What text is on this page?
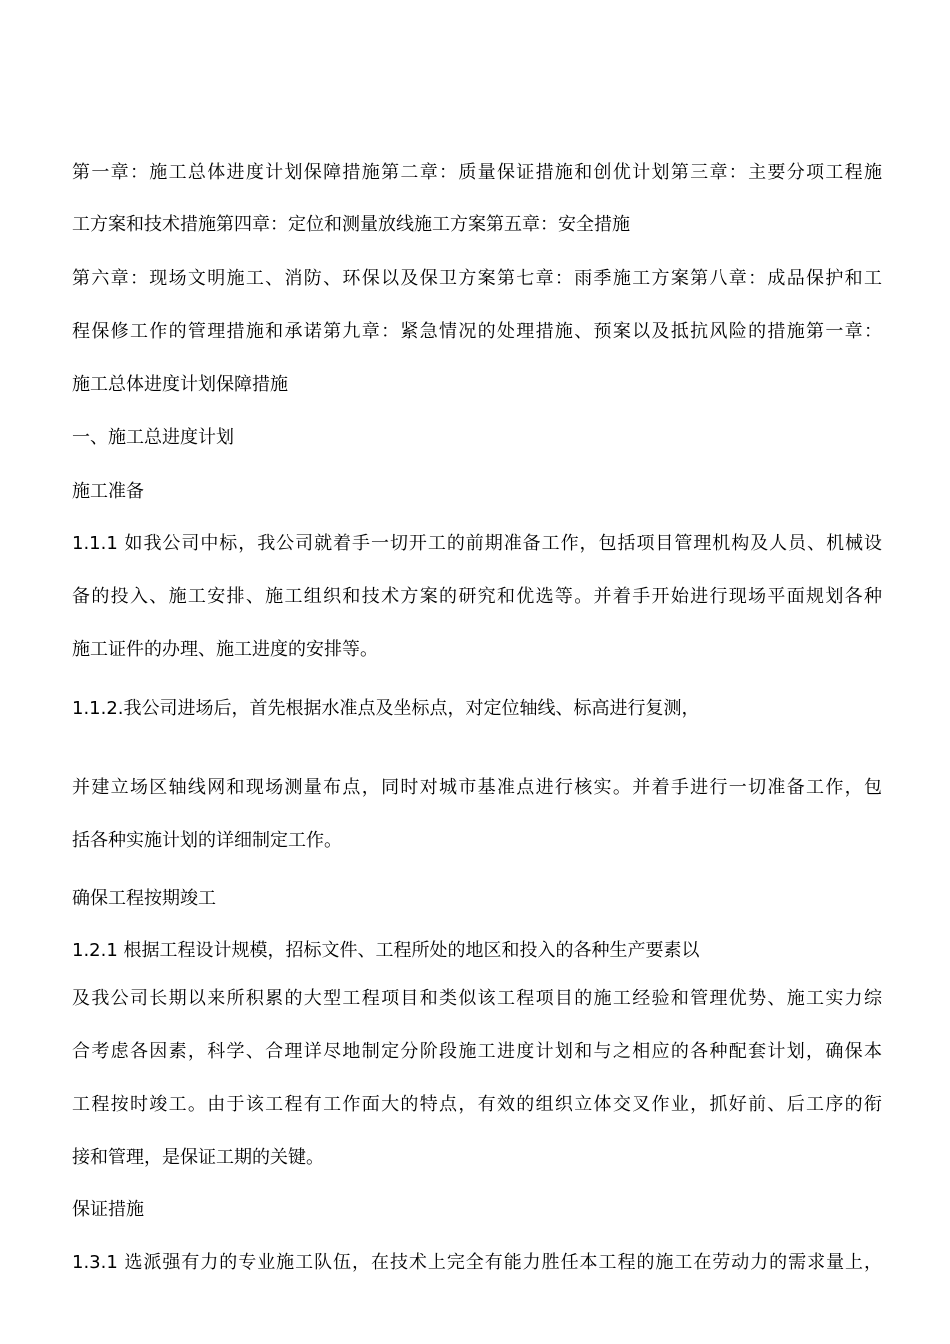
第一章：施工总体进度计划保障措施第二章：质量保证措施和创优计划第三章：主要分项工程施
工方案和技术措施第四章：定位和测量放线施工方案第五章：安全措施
第六章：现场文明施工、消防、环保以及保卫方案第七章：雨季施工方案第八章：成品保护和工
程保修工作的管理措施和承诺第九章：紧急情况的处理措施、预案以及抵抗风险的措施第一章：
施工总体进度计划保障措施
一、施工总进度计划
施工准备
1.1.1 如我公司中标，我公司就着手一切开工的前期准备工作，包括项目管理机构及人员、机械设
备的投入、施工安排、施工组织和技术方案的研究和优选等。并着手开始进行现场平面规划各种
施工证件的办理、施工进度的安排等。
1.1.2.我公司进场后，首先根据水准点及坐标点，对定位轴线、标高进行复测，
并建立场区轴线网和现场测量布点，同时对城市基准点进行核实。并着手进行一切准备工作，包
括各种实施计划的详细制定工作。
确保工程按期竣工
1.2.1 根据工程设计规模，招标文件、工程所处的地区和投入的各种生产要素以
及我公司长期以来所积累的大型工程项目和类似该工程项目的施工经验和管理优势、施工实力综
合考虑各因素，科学、合理详尽地制定分阶段施工进度计划和与之相应的各种配套计划，确保本
工程按时竣工。由于该工程有工作面大的特点，有效的组织立体交叉作业，抓好前、后工序的衔
接和管理，是保证工期的关键。
保证措施
1.3.1 选派强有力的专业施工队伍，在技术上完全有能力胜任本工程的施工在劳动力的需求量上，
